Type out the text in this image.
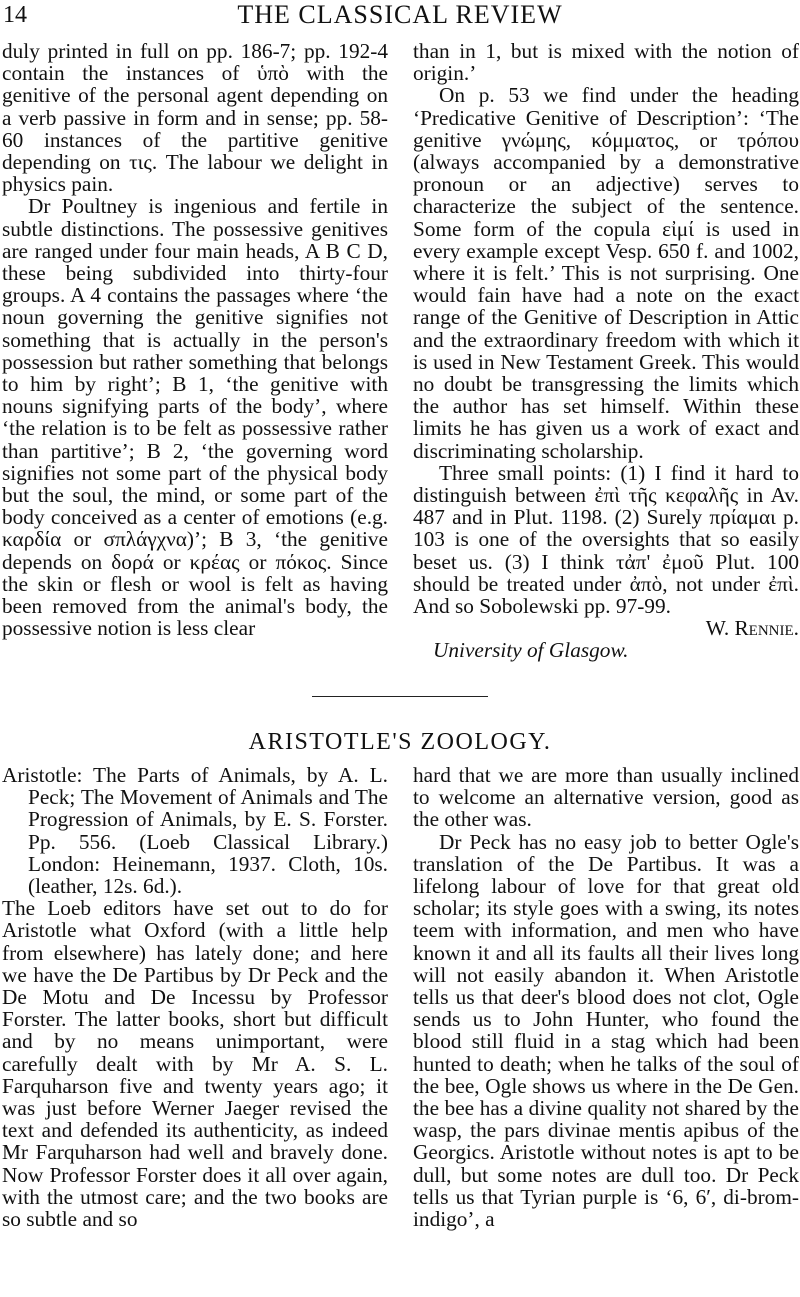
14	THE CLASSICAL REVIEW

duly printed in full on pp. 186-7; pp. 192-4 contain the instances of ὑπὸ with the genitive of the personal agent depending on a verb passive in form and in sense; pp. 58-60 instances of the partitive genitive depending on τις. The labour we delight in physics pain.

Dr Poultney is ingenious and fertile in subtle distinctions. The possessive genitives are ranged under four main heads, A B C D, these being subdivided into thirty-four groups. A 4 contains the passages where ‘the noun governing the genitive signifies not something that is actually in the person's possession but rather something that belongs to him by right’; B 1, ‘the genitive with nouns signifying parts of the body’, where ‘the relation is to be felt as possessive rather than partitive’; B 2, ‘the governing word signifies not some part of the physical body but the soul, the mind, or some part of the body conceived as a center of emotions (e.g. καρδία or σπλάγχνα)’; B 3, ‘the genitive depends on δορά or κρέας or πόκος. Since the skin or flesh or wool is felt as having been removed from the animal's body, the possessive notion is less clear

than in 1, but is mixed with the notion of origin.’

On p. 53 we find under the heading ‘Predicative Genitive of Description’: ‘The genitive γνώμης, κόμματος, or τρόπου (always accompanied by a demonstrative pronoun or an adjective) serves to characterize the subject of the sentence. Some form of the copula εἰμί is used in every example except Vesp. 650 f. and 1002, where it is felt.’ This is not surprising. One would fain have had a note on the exact range of the Genitive of Description in Attic and the extraordinary freedom with which it is used in New Testament Greek. This would no doubt be transgressing the limits which the author has set himself. Within these limits he has given us a work of exact and discriminating scholarship.

Three small points: (1) I find it hard to distinguish between ἐπὶ τῆς κεφαλῆς in Av. 487 and in Plut. 1198. (2) Surely πρίαμαι p. 103 is one of the oversights that so easily beset us. (3) I think τἀπ' ἐμοῦ Plut. 100 should be treated under ἀπὸ, not under ἐπὶ. And so Sobolewski pp. 97-99.

W. Rennie.

University of Glasgow.

ARISTOTLE'S ZOOLOGY.

Aristotle: The Parts of Animals, by A. L. Peck; The Movement of Animals and The Progression of Animals, by E. S. Forster. Pp. 556. (Loeb Classical Library.) London: Heinemann, 1937. Cloth, 10s. (leather, 12s. 6d.).

The Loeb editors have set out to do for Aristotle what Oxford (with a little help from elsewhere) has lately done; and here we have the De Partibus by Dr Peck and the De Motu and De Incessu by Professor Forster. The latter books, short but difficult and by no means unimportant, were carefully dealt with by Mr A. S. L. Farquharson five and twenty years ago; it was just before Werner Jaeger revised the text and defended its authenticity, as indeed Mr Farquharson had well and bravely done. Now Professor Forster does it all over again, with the utmost care; and the two books are so subtle and so

hard that we are more than usually inclined to welcome an alternative version, good as the other was.

Dr Peck has no easy job to better Ogle's translation of the De Partibus. It was a lifelong labour of love for that great old scholar; its style goes with a swing, its notes teem with information, and men who have known it and all its faults all their lives long will not easily abandon it. When Aristotle tells us that deer's blood does not clot, Ogle sends us to John Hunter, who found the blood still fluid in a stag which had been hunted to death; when he talks of the soul of the bee, Ogle shows us where in the De Gen. the bee has a divine quality not shared by the wasp, the pars divinae mentis apibus of the Georgics. Aristotle without notes is apt to be dull, but some notes are dull too. Dr Peck tells us that Tyrian purple is ‘6, 6′, di-brom-indigo’, a
